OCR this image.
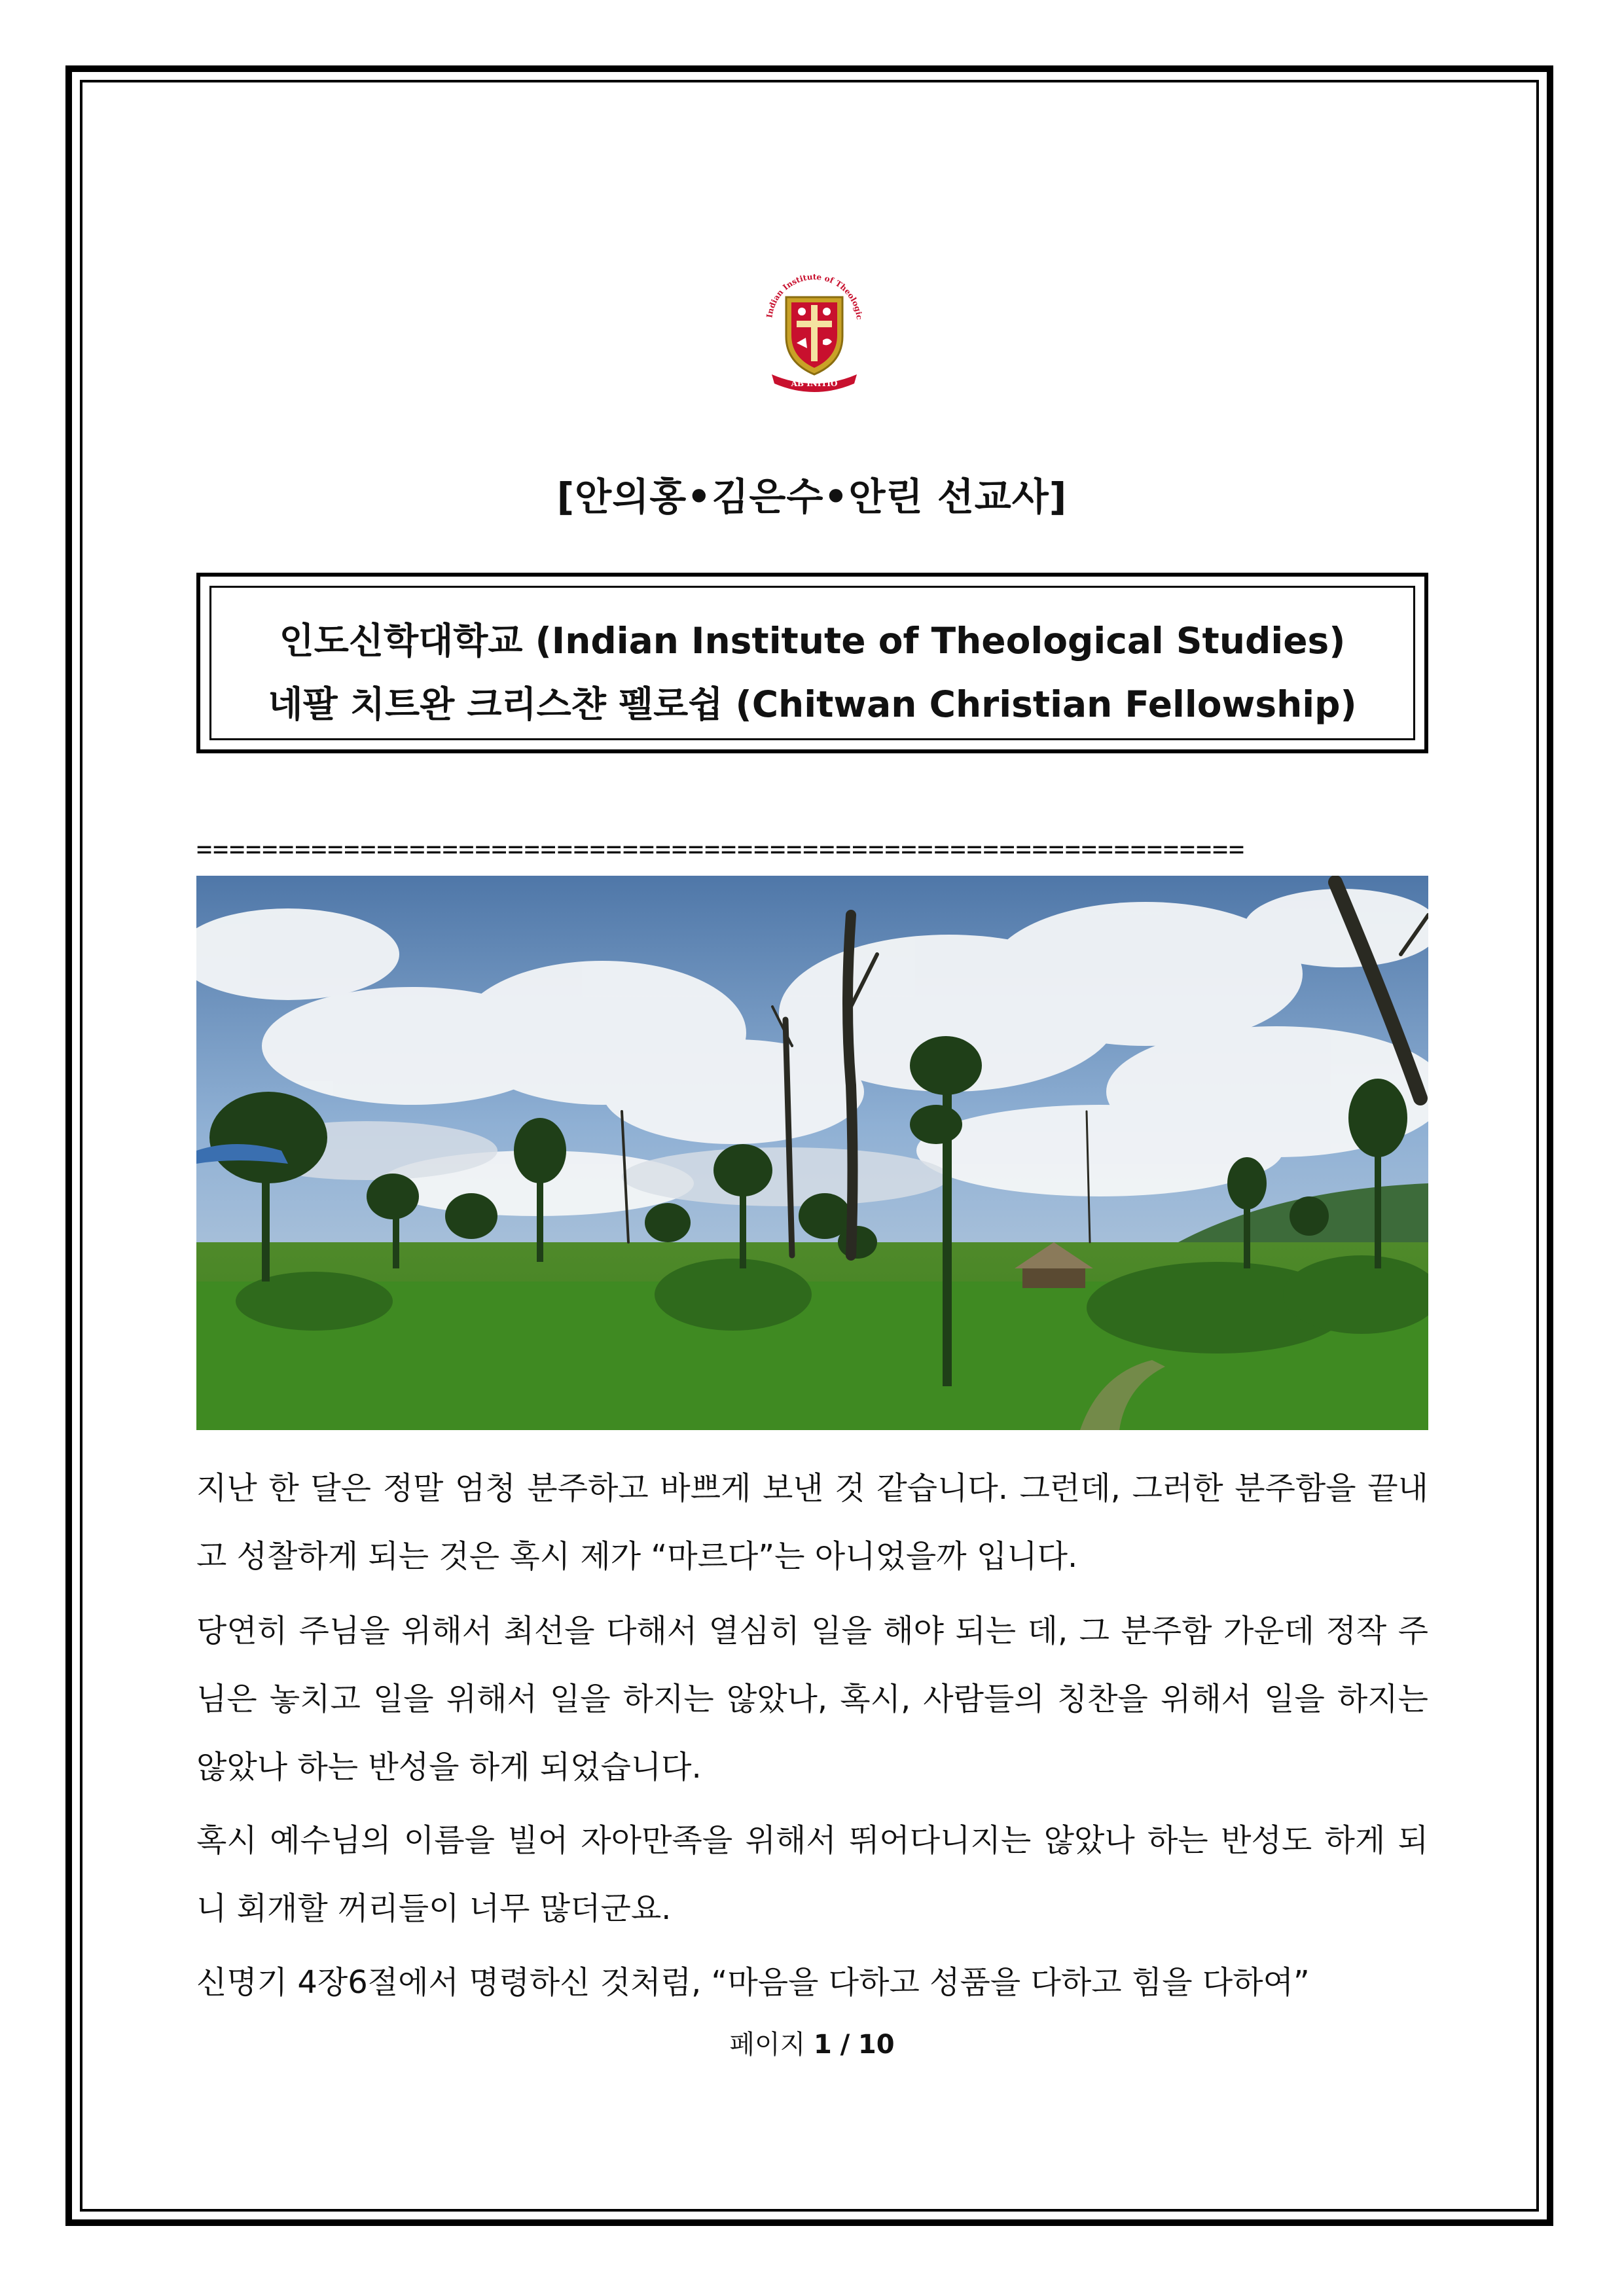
Indian Institute of Theologic
AB INITIO
[안의홍•김은수•안린 선교사]
인도신학대학교 (Indian Institute of Theological Studies)
네팔 치트완 크리스챤 펠로쉽 (Chitwan Christian Fellowship)
================================================================

지난 한 달은 정말 엄청 분주하고 바쁘게 보낸 것 같습니다. 그런데, 그러한 분주함을 끝내고 성찰하게 되는 것은 혹시 제가 “마르다”는 아니었을까 입니다.

당연히 주님을 위해서 최선을 다해서 열심히 일을 해야 되는 데, 그 분주함 가운데 정작 주님은 놓치고 일을 위해서 일을 하지는 않았나, 혹시, 사람들의 칭찬을 위해서 일을 하지는 않았나 하는 반성을 하게 되었습니다.

혹시 예수님의 이름을 빌어 자아만족을 위해서 뛰어다니지는 않았나 하는 반성도 하게 되니 회개할 꺼리들이 너무 많더군요.

신명기 4장6절에서 명령하신 것처럼, “마음을 다하고 성품을 다하고 힘을 다하여”

페이지 1 / 10
